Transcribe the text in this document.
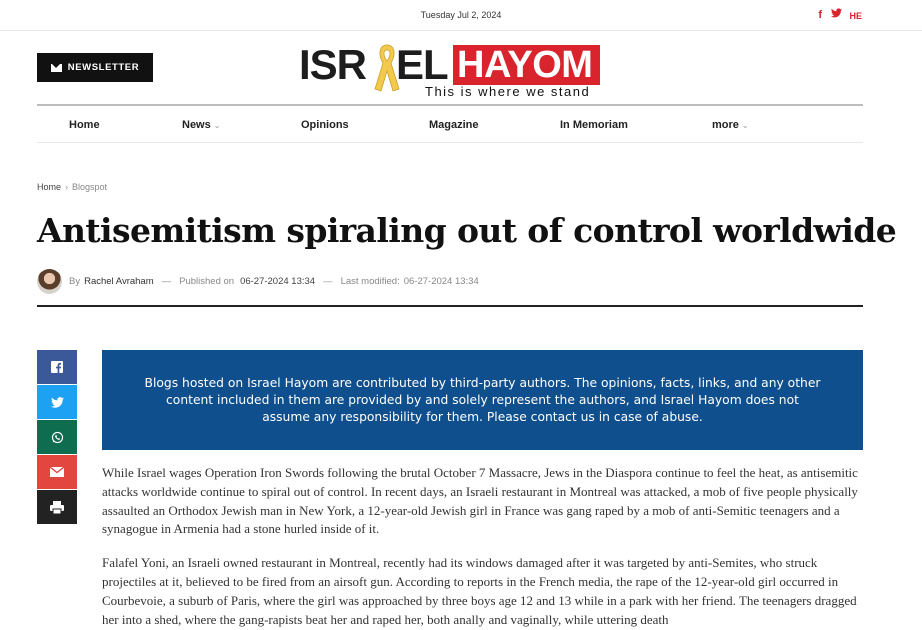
Tuesday Jul 2, 2024	f	HE
NEWSLETTER	ISR EL HAYOM
This is where we stand
Home	News ⌄	Opinions	Magazine	In Memoriam	more ⌄
Home › Blogspot
Antisemitism spiraling out of control worldwide
By Rachel Avraham — Published on 06-27-2024 13:34 — Last modified: 06-27-2024 13:34

Blogs hosted on Israel Hayom are contributed by third-party authors. The opinions, facts, links, and any other content included in them are provided by and solely represent the authors, and Israel Hayom does not assume any responsibility for them. Please contact us in case of abuse.

While Israel wages Operation Iron Swords following the brutal October 7 Massacre, Jews in the Diaspora continue to feel the heat, as antisemitic attacks worldwide continue to spiral out of control. In recent days, an Israeli restaurant in Montreal was attacked, a mob of five people physically assaulted an Orthodox Jewish man in New York, a 12-year-old Jewish girl in France was gang raped by a mob of anti-Semitic teenagers and a synagogue in Armenia had a stone hurled inside of it.

Falafel Yoni, an Israeli owned restaurant in Montreal, recently had its windows damaged after it was targeted by anti-Semites, who struck projectiles at it, believed to be fired from an airsoft gun. According to reports in the French media, the rape of the 12-year-old girl occurred in Courbevoie, a suburb of Paris, where the girl was approached by three boys age 12 and 13 while in a park with her friend. The teenagers dragged her into a shed, where the gang-rapists beat her and raped her, both anally and vaginally, while uttering death
